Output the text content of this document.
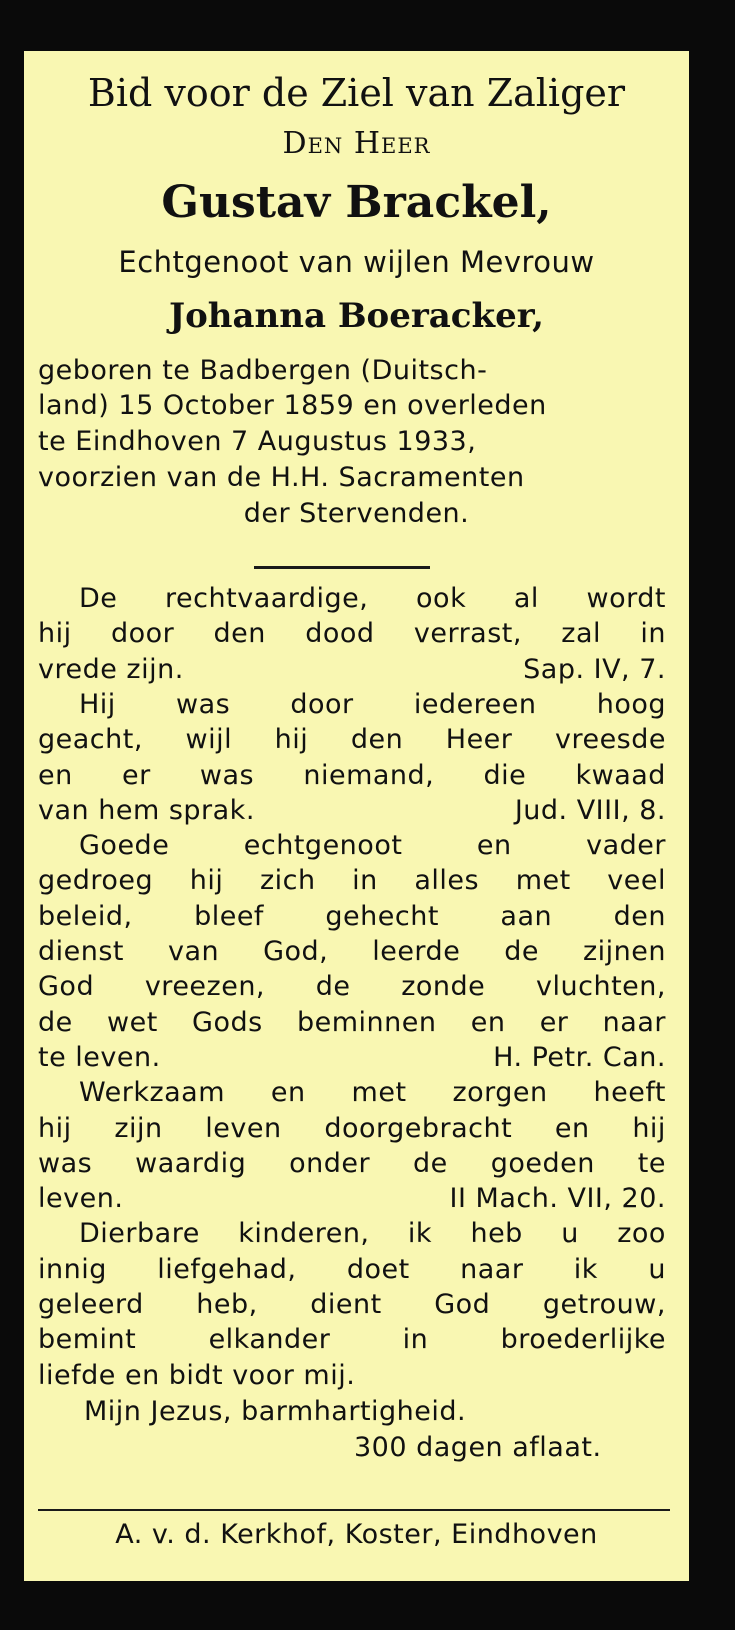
Bid voor de Ziel van Zaliger
Den Heer
Gustav Brackel,
Echtgenoot van wijlen Mevrouw
Johanna Boeracker,
geboren te Badbergen (Duitsch-
land) 15 October 1859 en overleden
te Eindhoven 7 Augustus 1933,
voorzien van de H.H. Sacramenten
der Stervenden.
De rechtvaardige, ook al wordt
hij door den dood verrast, zal in
vrede zijn.	Sap. IV, 7.
Hij was door iedereen hoog
geacht, wijl hij den Heer vreesde
en er was niemand, die kwaad
van hem sprak.	Jud. VIII, 8.
Goede	echtgenoot	en	vader
gedroeg hij zich in alles met veel
beleid, bleef gehecht aan den
dienst van God, leerde de zijnen
God vreezen, de zonde vluchten,
de wet Gods beminnen en er naar
te leven.	H. Petr. Can.
Werkzaam en met zorgen heeft
hij zijn leven doorgebracht en hij
was waardig onder de goeden te
leven.	II Mach. VII, 20.
Dierbare kinderen, ik heb u zoo
innig liefgehad, doet naar ik u
geleerd heb, dient God getrouw,
bemint	elkander	in	broederlijke
liefde en bidt voor mij.
Mijn Jezus, barmhartigheid.
300 dagen aflaat.
A. v. d. Kerkhof, Koster, Eindhoven
